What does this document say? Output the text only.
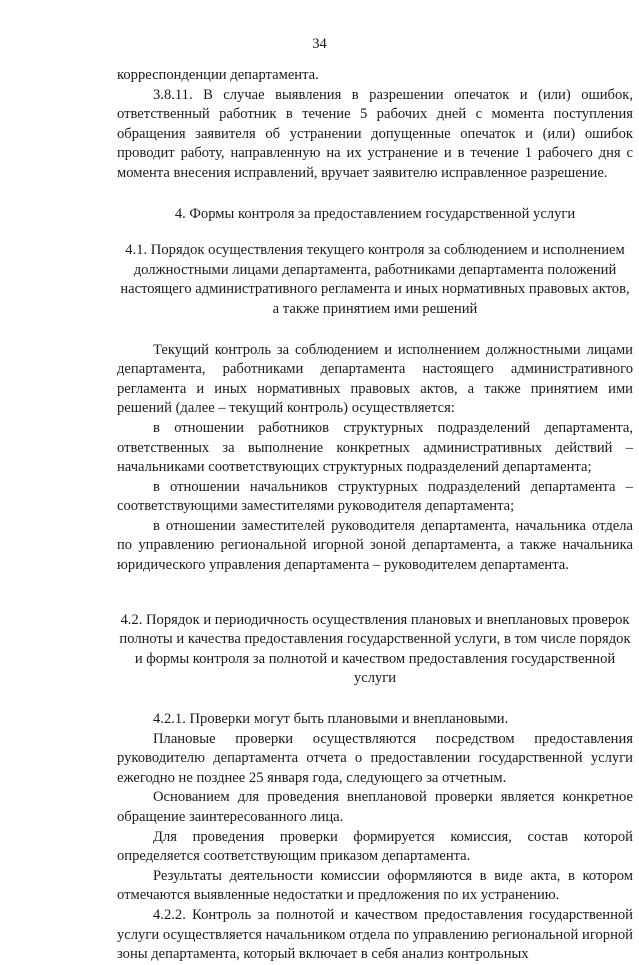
34

корреспонденции департамента.

3.8.11. В случае выявления в разрешении опечаток и (или) ошибок, ответственный работник в течение 5 рабочих дней с момента поступления обращения заявителя об устранении допущенные опечаток и (или) ошибок проводит работу, направленную на их устранение и в течение 1 рабочего дня с момента внесения исправлений, вручает заявителю исправленное разрешение.

4. Формы контроля за предоставлением государственной услуги

4.1. Порядок осуществления текущего контроля за соблюдением и исполнением должностными лицами департамента, работниками департамента положений настоящего административного регламента и иных нормативных правовых актов, а также принятием ими решений

Текущий контроль за соблюдением и исполнением должностными лицами департамента, работниками департамента настоящего административного регламента и иных нормативных правовых актов, а также принятием ими решений (далее – текущий контроль) осуществляется:

в отношении работников структурных подразделений департамента, ответственных за выполнение конкретных административных действий – начальниками соответствующих структурных подразделений департамента;

в отношении начальников структурных подразделений департамента – соответствующими заместителями руководителя департамента;

в отношении заместителей руководителя департамента, начальника отдела по управлению региональной игорной зоной департамента, а также начальника юридического управления департамента – руководителем департамента.

4.2. Порядок и периодичность осуществления плановых и внеплановых проверок полноты и качества предоставления государственной услуги, в том числе порядок и формы контроля за полнотой и качеством предоставления государственной услуги

4.2.1. Проверки могут быть плановыми и внеплановыми.

Плановые проверки осуществляются посредством предоставления руководителю департамента отчета о предоставлении государственной услуги ежегодно не позднее 25 января года, следующего за отчетным.

Основанием для проведения внеплановой проверки является конкретное обращение заинтересованного лица.

Для проведения проверки формируется комиссия, состав которой определяется соответствующим приказом департамента.

Результаты деятельности комиссии оформляются в виде акта, в котором отмечаются выявленные недостатки и предложения по их устранению.

4.2.2. Контроль за полнотой и качеством предоставления государственной услуги осуществляется начальником отдела по управлению региональной игорной зоны департамента, который включает в себя анализ контрольных
